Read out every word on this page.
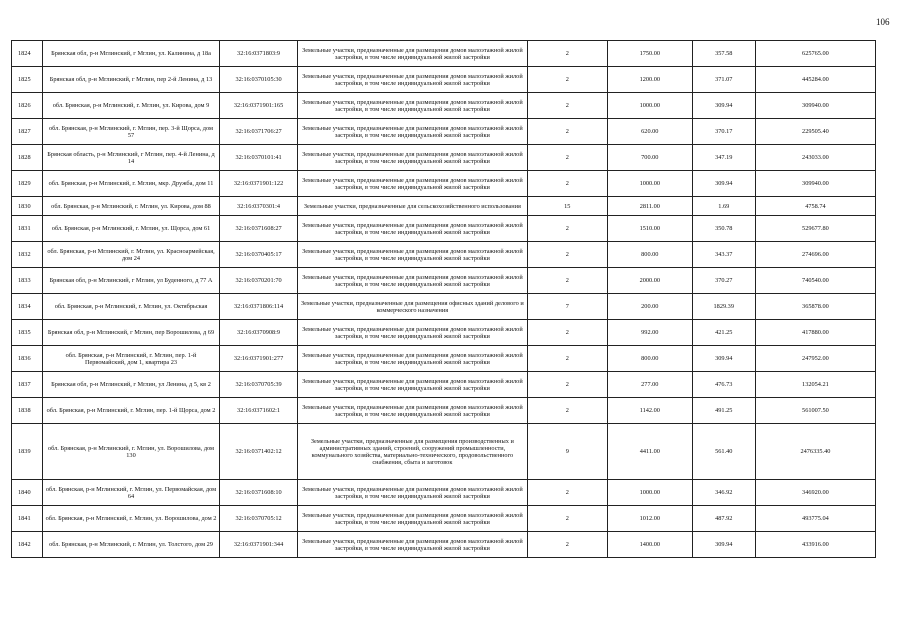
106
1824	Брянская обл, р-н Мглинский, г Мглин, ул. Калинина, д 18а	32:16:0371803:9	Земельные участки, предназначенные для размещения домов малоэтажной жилой застройки, в том числе индивидуальной жилой застройки	2	1750.00	357.58	625765.00
1825	Брянская обл, р-н Мглинский, г Мглин, пер 2-й Ленина, д 13	32:16:0370105:30	Земельные участки, предназначенные для размещения домов малоэтажной жилой застройки, в том числе индивидуальной жилой застройки	2	1200.00	371.07	445284.00
1826	обл. Брянская, р-н Мглинский, г. Мглин, ул. Кирова, дом 9	32:16:0371901:165	Земельные участки, предназначенные для размещения домов малоэтажной жилой застройки, в том числе индивидуальной жилой застройки	2	1000.00	309.94	309940.00
1827	обл. Брянская, р-н Мглинский, г. Мглин, пер. 3-й Щорса, дом 57	32:16:0371706:27	Земельные участки, предназначенные для размещения домов малоэтажной жилой застройки, в том числе индивидуальной жилой застройки	2	620.00	370.17	229505.40
1828	Брянская область, р-н Мглинский, г Мглин, пер. 4-й Ленина, д 14	32:16:0370101:41	Земельные участки, предназначенные для размещения домов малоэтажной жилой застройки, в том числе индивидуальной жилой застройки	2	700.00	347.19	243033.00
1829	обл. Брянская, р-н Мглинский, г. Мглин, мкр. Дружба, дом 11	32:16:0371901:122	Земельные участки, предназначенные для размещения домов малоэтажной жилой застройки, в том числе индивидуальной жилой застройки	2	1000.00	309.94	309940.00
1830	обл. Брянская, р-н Мглинский, г. Мглин, ул. Кирова, дом 88	32:16:0370301:4	Земельные участки, предназначенные для сельскохозяйственного использования	15	2811.00	1.69	4758.74
1831	обл. Брянская, р-н Мглинский, г. Мглин, ул. Щорса, дом 61	32:16:0371608:27	Земельные участки, предназначенные для размещения домов малоэтажной жилой застройки, в том числе индивидуальной жилой застройки	2	1510.00	350.78	529677.80
1832	обл. Брянская, р-н Мглинский, г. Мглин, ул. Красноармейская, дом 24	32:16:0370405:17	Земельные участки, предназначенные для размещения домов малоэтажной жилой застройки, в том числе индивидуальной жилой застройки	2	800.00	343.37	274696.00
1833	Брянская обл, р-н Мглинский, г Мглин, ул Буденного, д 77 А	32:16:0370201:70	Земельные участки, предназначенные для размещения домов малоэтажной жилой застройки, в том числе индивидуальной жилой застройки	2	2000.00	370.27	740540.00
1834	обл. Брянская, р-н Мглинский, г. Мглин, ул. Октябрьская	32:16:0371806:114	Земельные участки, предназначенные для размещения офисных зданий делового и коммерческого назначения	7	200.00	1829.39	365878.00
1835	Брянская обл, р-н Мглинский, г Мглин, пер Ворошилова, д 69	32:16:0370908:9	Земельные участки, предназначенные для размещения домов малоэтажной жилой застройки, в том числе индивидуальной жилой застройки	2	992.00	421.25	417880.00
1836	обл. Брянская, р-н Мглинский, г. Мглин, пер. 1-й Первомайский, дом 1, квартира 23	32:16:0371901:277	Земельные участки, предназначенные для размещения домов малоэтажной жилой застройки, в том числе индивидуальной жилой застройки	2	800.00	309.94	247952.00
1837	Брянская обл, р-н Мглинский, г Мглин, ул Ленина, д 5, кв 2	32:16:0370705:39	Земельные участки, предназначенные для размещения домов малоэтажной жилой застройки, в том числе индивидуальной жилой застройки	2	277.00	476.73	132054.21
1838	обл. Брянская, р-н Мглинский, г. Мглин, пер. 1-й Щорса, дом 2	32:16:0371602:1	Земельные участки, предназначенные для размещения домов малоэтажной жилой застройки, в том числе индивидуальной жилой застройки	2	1142.00	491.25	561007.50
1839	обл. Брянская, р-н Мглинский, г. Мглин, ул. Ворошилова, дом 130	32:16:0371402:12	Земельные участки, предназначенные для размещения производственных и административных зданий, строений, сооружений промышленности, коммунального хозяйства, материально-технического, продовольственного снабжения, сбыта и заготовок	9	4411.00	561.40	2476335.40
1840	обл. Брянская, р-н Мглинский, г. Мглин, ул. Первомайская, дом 64	32:16:0371608:10	Земельные участки, предназначенные для размещения домов малоэтажной жилой застройки, в том числе индивидуальной жилой застройки	2	1000.00	346.92	346920.00
1841	обл. Брянская, р-н Мглинский, г. Мглин, ул. Ворошилова, дом 2	32:16:0370705:12	Земельные участки, предназначенные для размещения домов малоэтажной жилой застройки, в том числе индивидуальной жилой застройки	2	1012.00	487.92	493775.04
1842	обл. Брянская, р-н Мглинский, г. Мглин, ул. Толстого, дом 29	32:16:0371901:344	Земельные участки, предназначенные для размещения домов малоэтажной жилой застройки, в том числе индивидуальной жилой застройки	2	1400.00	309.94	433916.00
